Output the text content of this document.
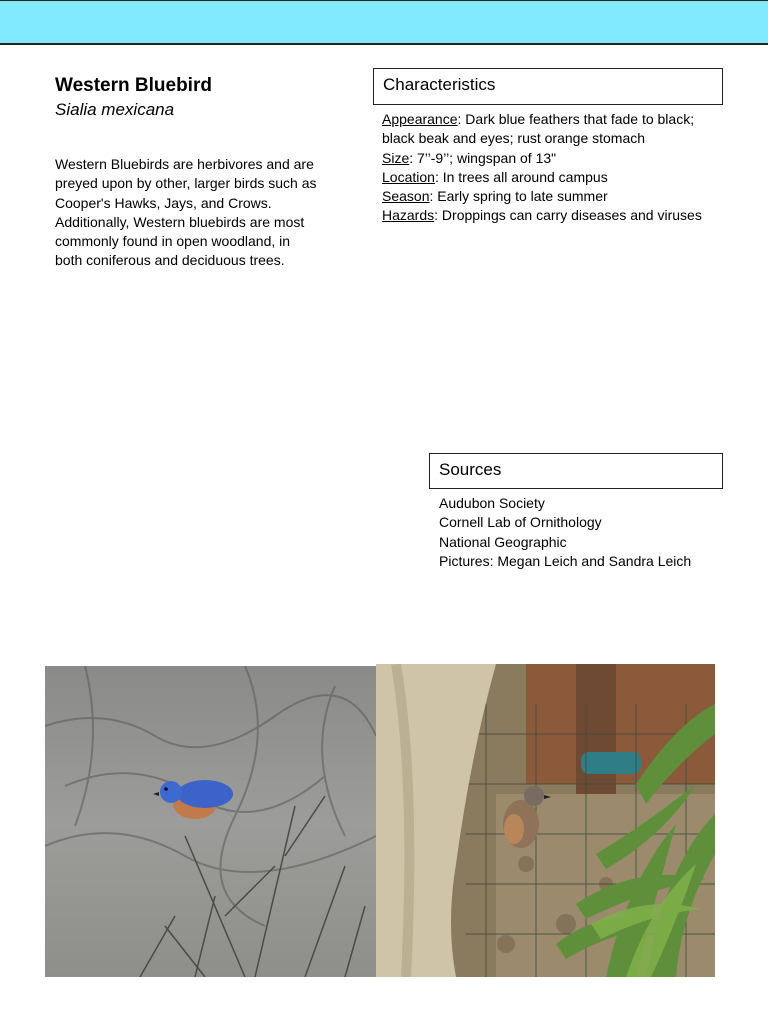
Western Bluebird
Sialia mexicana
Western Bluebirds are herbivores and are preyed upon by other, larger birds such as Cooper's Hawks, Jays, and Crows. Additionally, Western bluebirds are most commonly found in open woodland, in both coniferous and deciduous trees.
Characteristics
Appearance: Dark blue feathers that fade to black; black beak and eyes; rust orange stomach
Size: 7’’-9’’; wingspan of 13"
Location: In trees all around campus
Season: Early spring to late summer
Hazards: Droppings can carry diseases and viruses
Sources
Audubon Society
Cornell Lab of Ornithology
National Geographic
Pictures: Megan Leich and Sandra Leich
